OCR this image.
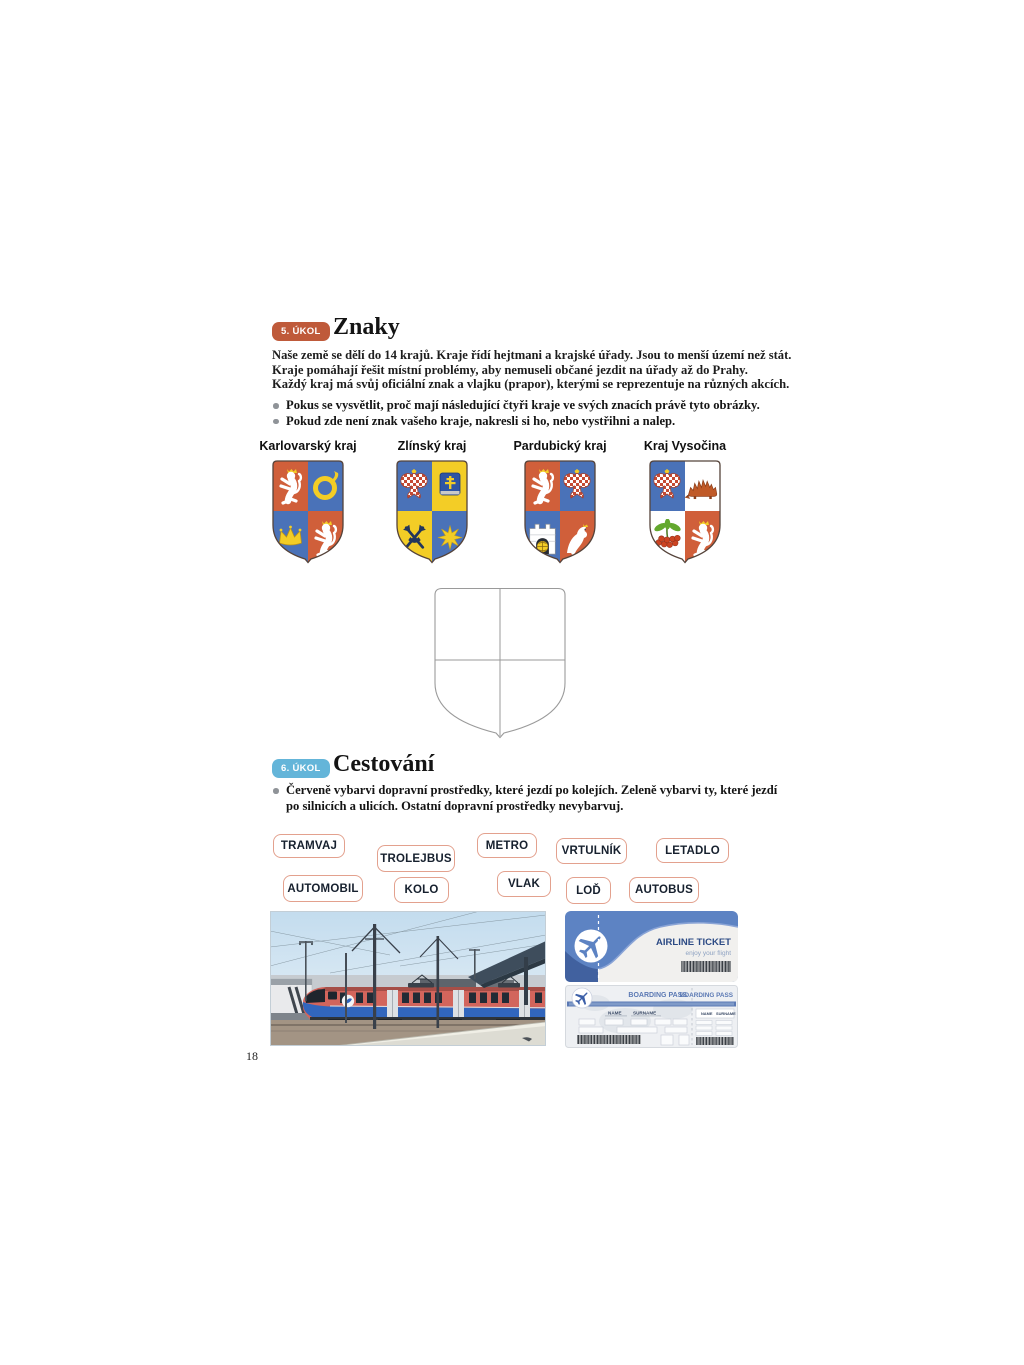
5. ÚKOL Znaky
Naše země se dělí do 14 krajů. Kraje řídí hejtmani a krajské úřady. Jsou to menší území než stát.
Kraje pomáhají řešit místní problémy, aby nemuseli občané jezdit na úřady až do Prahy.
Každý kraj má svůj oficiální znak a vlajku (prapor), kterými se reprezentuje na různých akcích.
Pokus se vysvětlit, proč mají následující čtyři kraje ve svých znacích právě tyto obrázky.
Pokud zde není znak vašeho kraje, nakresli si ho, nebo vystřihni a nalep.
Karlovarský kraj	Zlínský kraj	Pardubický kraj	Kraj Vysočina
6. ÚKOL Cestování
Červeně vybarvi dopravní prostředky, které jezdí po kolejích. Zeleně vybarvi ty, které jezdí
po silnicích a ulicích. Ostatní dopravní prostředky nevybarvuj.
TRAMVAJ
TROLEJBUS
METRO	VRTULNÍK	LETADLO
AUTOMOBIL	KOLO	VLAK
LOĎ	AUTOBUS
AIRLINE TICKET
enjoy your flight
BOARDING PASS
BOARDING PASS
NAME SURNAME	NAME SURNAME
18
